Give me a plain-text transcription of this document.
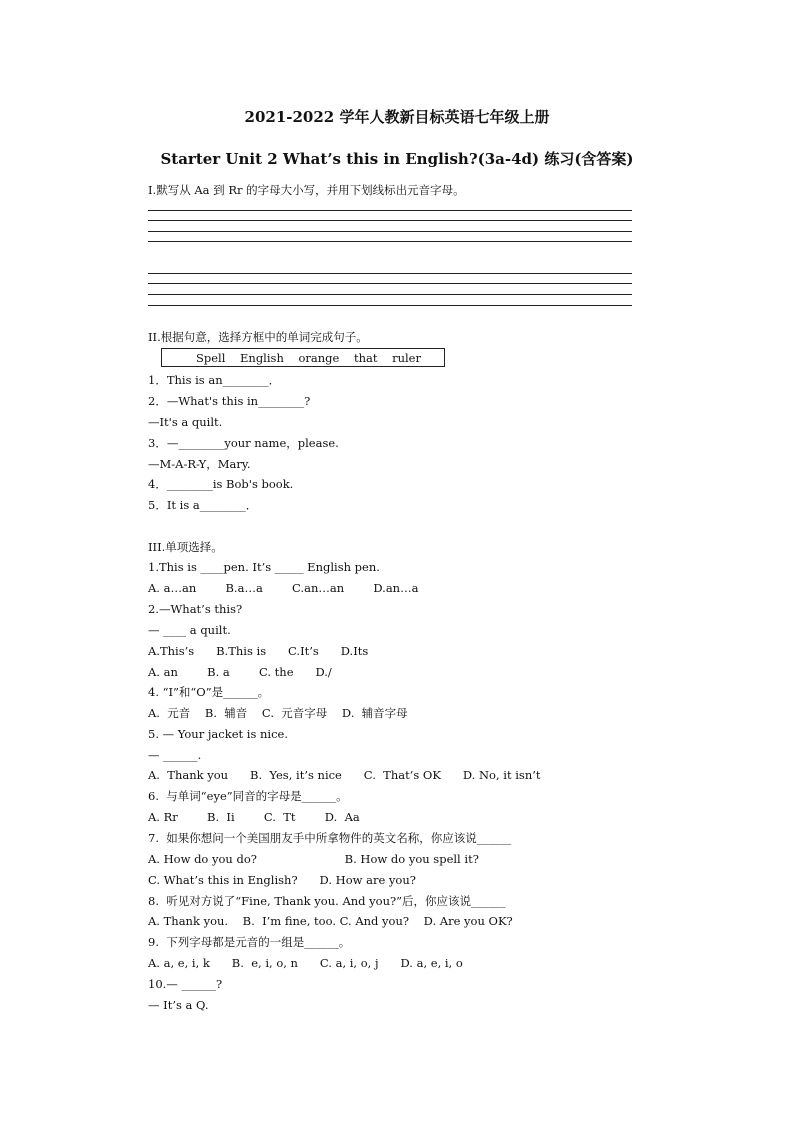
2021-2022 学年人教新目标英语七年级上册
Starter Unit 2 What’s this in English?(3a-4d) 练习(含答案)
I.默写从 Aa 到 Rr 的字母大小写，并用下划线标出元音字母。
II.根据句意，选择方框中的单词完成句子。
Spell    English    orange    that    ruler
1．This is an________．
2．—What's this in________?
—It's a quilt.
3．—________your name，please.
—M-A-R-Y，Mary.
4．________is Bob's book.
5．It is a________．
III.单项选择。
1.This is ____pen. It’s _____ English pen.
A. a…an        B.a…a        C.an…an        D.an…a
2.—What’s this?
— ____ a quilt.
A.This’s      B.This is      C.It’s      D.Its
A. an        B. a        C. the      D./
4. “I”和“O”是______。
A.  元音    B.  辅音    C.  元音字母    D.  辅音字母
5. — Your jacket is nice.
— ______.
A.  Thank you      B.  Yes, it’s nice      C.  That’s OK      D. No, it isn’t
6.  与单词“eye”同音的字母是______。
A. Rr        B.  Ii        C.  Tt        D.  Aa
7.  如果你想问一个美国朋友手中所拿物件的英文名称，你应该说______
A. How do you do?                        B. How do you spell it?
C. What’s this in English?      D. How are you?
8.  听见对方说了“Fine, Thank you. And you?”后，你应该说______
A. Thank you.    B.  I’m fine, too. C. And you?    D. Are you OK?
9.  下列字母都是元音的一组是______。
A. a, e, i, k      B.  e, i, o, n      C. a, i, o, j      D. a, e, i, o
10.— ______?
— It’s a Q.
